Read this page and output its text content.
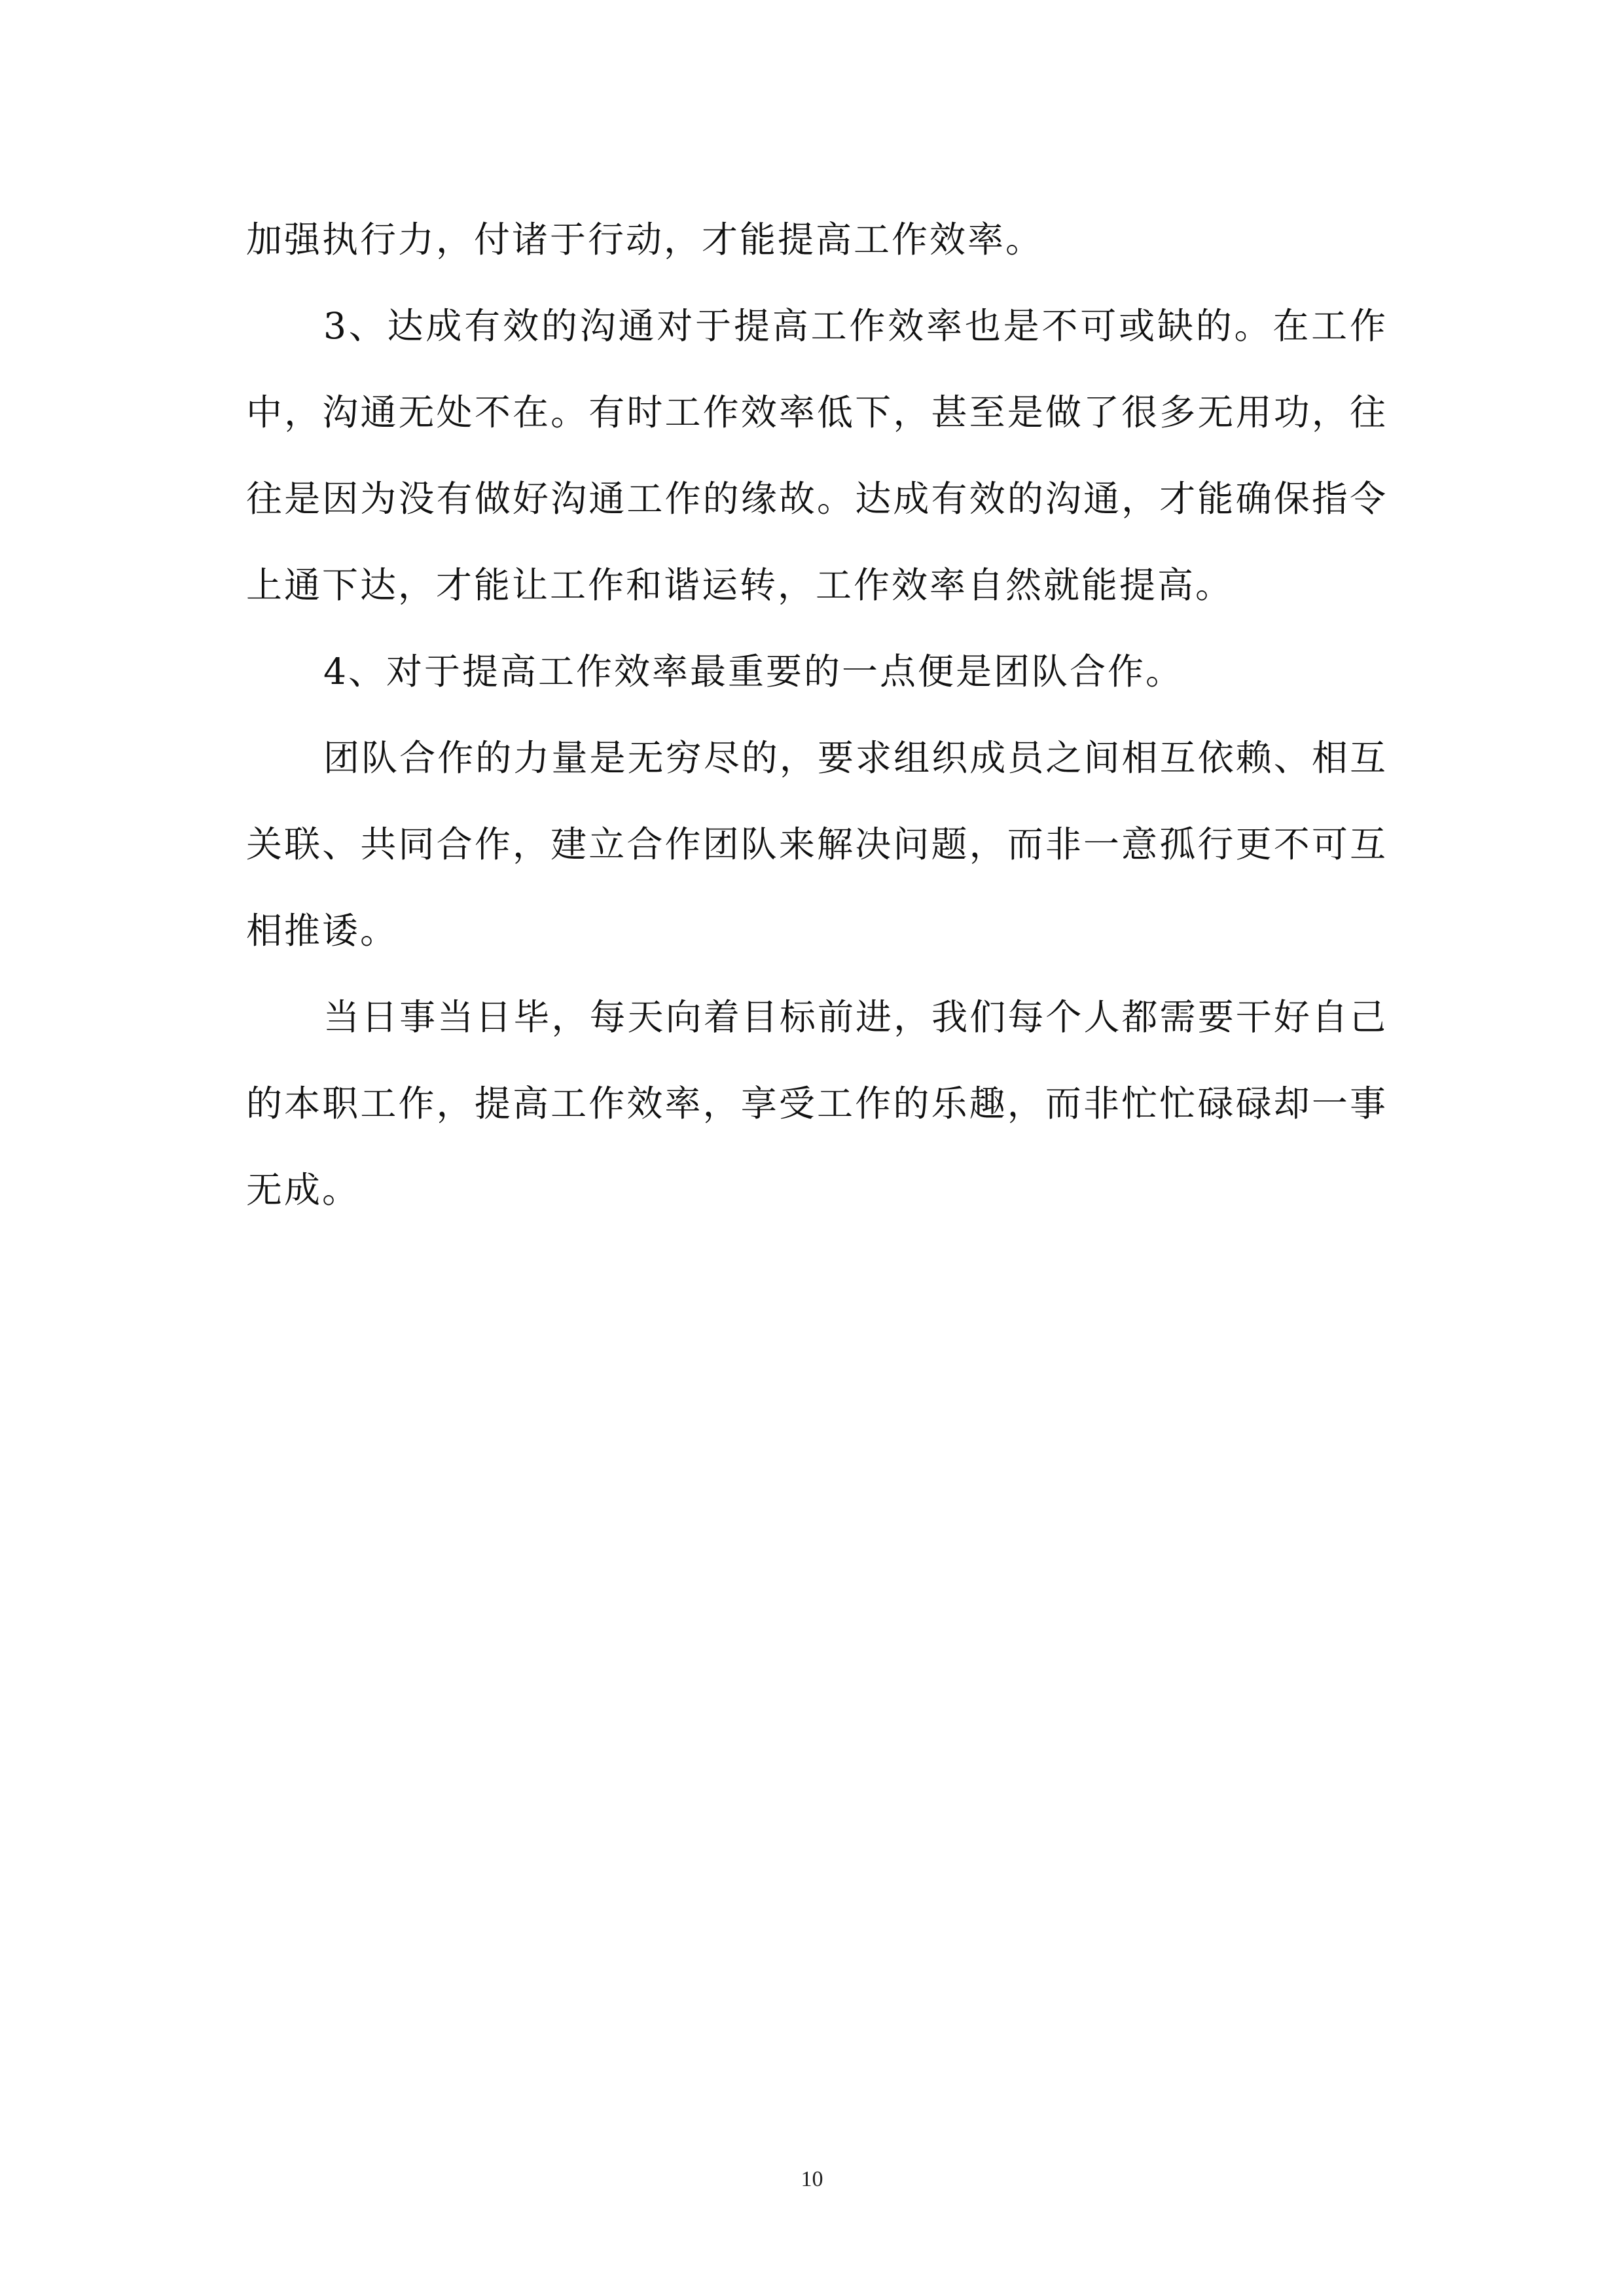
加强执行力，付诸于行动，才能提高工作效率。

3、达成有效的沟通对于提高工作效率也是不可或缺的。在工作中，沟通无处不在。有时工作效率低下，甚至是做了很多无用功，往往是因为没有做好沟通工作的缘故。达成有效的沟通，才能确保指令上通下达，才能让工作和谐运转，工作效率自然就能提高。

4、对于提高工作效率最重要的一点便是团队合作。

团队合作的力量是无穷尽的，要求组织成员之间相互依赖、相互关联、共同合作，建立合作团队来解决问题，而非一意孤行更不可互相推诿。

当日事当日毕，每天向着目标前进，我们每个人都需要干好自己的本职工作，提高工作效率，享受工作的乐趣，而非忙忙碌碌却一事无成。

10
